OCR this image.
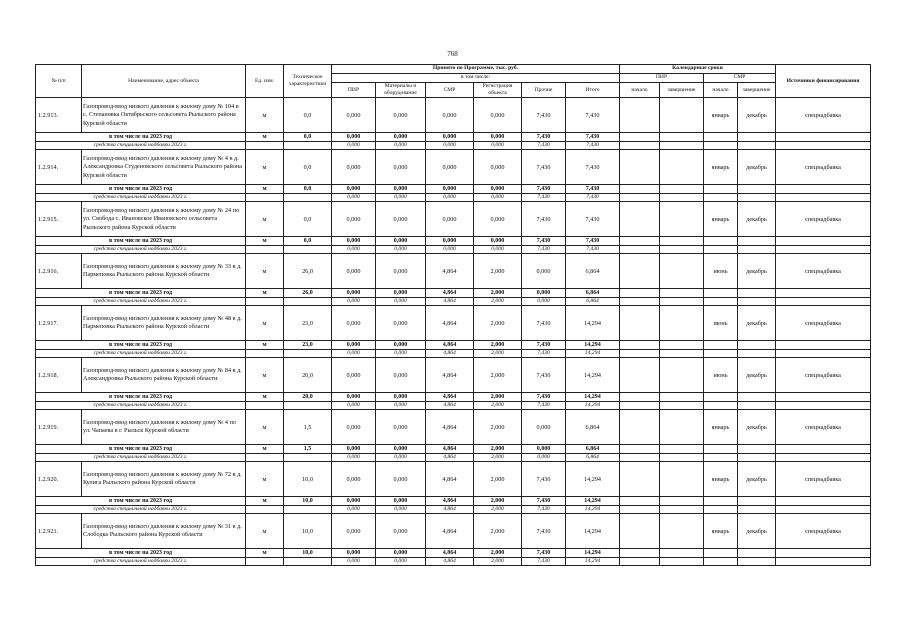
768
№ п/п	Наименование, адрес объекта	Ед. изм.	Техническое характеристики	Принято по Программе, тыс. руб.						Календарные сроки				Источники финансирования
				в том числе:						ПИР		СМР		
				ПИР	Материалы и оборудование	СМР	Регистрация объекта	Прочие	Итого	начало	завершение	начало	завершение	
1.2.913.	Газопровод-ввод низкого давления к жилому дому № 104 в с. Степановка Октябрьского сельсовета Рыльского района Курской области	м	0,0	0,000	0,000	0,000	0,000	7,430	7,430			январь	декабрь	спецнадбавка
в том числе на 2023 год		м	0,0	0,000	0,000	0,000	0,000	7,430	7,430					
средства специальной надбавки 2023 г.				0,000	0,000	0,000	0,000	7,430	7,430					
1.2.914.	Газопровод-ввод низкого давления к жилому дому № 4 в д. Александровка Студеновского сельсовета Рыльского района Курской области	м	0,0	0,000	0,000	0,000	0,000	7,430	7,430			январь	декабрь	спецнадбавка
в том числе на 2023 год		м	0,0	0,000	0,000	0,000	0,000	7,430	7,430					
средства специальной надбавки 2023 г.				0,000	0,000	0,000	0,000	7,430	7,430					
1.2.915.	Газопровод-ввод низкого давления к жилому дому № 24 по ул. Свобода с. Ивановское Ивановского сельсовета Рыльского района Курской области	м	0,0	0,000	0,000	0,000	0,000	7,430	7,430			январь	декабрь	спецнадбавка
в том числе на 2023 год		м	0,0	0,000	0,000	0,000	0,000	7,430	7,430					
средства специальной надбавки 2023 г.				0,000	0,000	0,000	0,000	7,430	7,430					
1.2.916.	Газопровод-ввод низкого давления к жилому дому № 33 в д. Пармеповка Рыльского района Курской области	м	26,0	0,000	0,000	4,864	2,000	0,000	6,864			июнь	декабрь	спецнадбавка
в том числе на 2023 год		м	26,0	0,000	0,000	4,864	2,000	0,000	6,864					
средства специальной надбавки 2023 г.				0,000	0,000	4,864	2,000	0,000	6,864					
1.2.917.	Газопровод-ввод низкого давления к жилому дому № 48 в д. Пармеповка Рыльского района Курской области	м	23,0	0,000	0,000	4,864	2,000	7,430	14,294			июнь	декабрь	спецнадбавка
в том числе на 2023 год		м	23,0	0,000	0,000	4,864	2,000	7,430	14,294					
средства специальной надбавки 2023 г.				0,000	0,000	4,864	2,000	7,430	14,294					
1.2.918.	Газопровод-ввод низкого давления к жилому дому № 84 в д. Александровка Рыльского района Курской области	м	20,0	0,000	0,000	4,864	2,000	7,430	14,294			июнь	декабрь	спецнадбавка
в том числе на 2023 год		м	20,0	0,000	0,000	4,864	2,000	7,430	14,294					
средства специальной надбавки 2023 г.				0,000	0,000	4,864	2,000	7,430	14,294					
1.2.919.	Газопровод-ввод низкого давления к жилому дому № 4 по ул. Чапаева в г. Рыльск Курской области	м	1,5	0,000	0,000	4,864	2,000	0,000	6,864			январь	декабрь	спецнадбавка
в том числе на 2023 год		м	1,5	0,000	0,000	4,864	2,000	0,000	6,864					
средства специальной надбавки 2023 г.				0,000	0,000	4,864	2,000	0,000	6,864					
1.2.920.	Газопровод-ввод низкого давления к жилому дому № 72 в д. Кулига Рыльского района Курской области	м	10,0	0,000	0,000	4,864	2,000	7,430	14,294			январь	декабрь	спецнадбавка
в том числе на 2023 год		м	10,0	0,000	0,000	4,864	2,000	7,430	14,294					
средства специальной надбавки 2023 г.				0,000	0,000	4,864	2,000	7,430	14,294					
1.2.921.	Газопровод-ввод низкого давления к жилому дому № 31 в д. Слободка Рыльского района Курской области	м	10,0	0,000	0,000	4,864	2,000	7,430	14,294			январь	декабрь	спецнадбавка
в том числе на 2023 год		м	10,0	0,000	0,000	4,864	2,000	7,430	14,294					
средства специальной надбавки 2023 г.				0,000	0,000	4,864	2,000	7,430	14,294					
